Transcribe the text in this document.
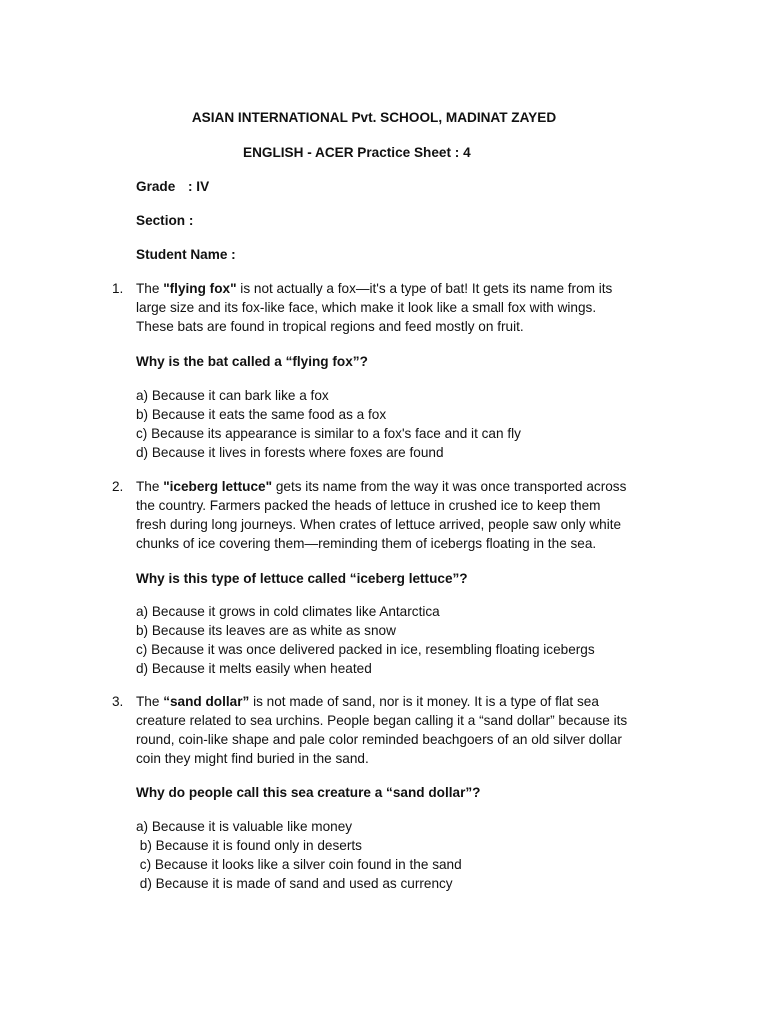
ASIAN INTERNATIONAL Pvt. SCHOOL, MADINAT ZAYED
ENGLISH - ACER Practice Sheet : 4
Grade : IV
Section :
Student Name :
1. The "flying fox" is not actually a fox—it's a type of bat! It gets its name from its
large size and its fox-like face, which make it look like a small fox with wings.
These bats are found in tropical regions and feed mostly on fruit.
Why is the bat called a “flying fox”?
a) Because it can bark like a fox
b) Because it eats the same food as a fox
c) Because its appearance is similar to a fox's face and it can fly
d) Because it lives in forests where foxes are found
2. The "iceberg lettuce" gets its name from the way it was once transported across
the country. Farmers packed the heads of lettuce in crushed ice to keep them
fresh during long journeys. When crates of lettuce arrived, people saw only white
chunks of ice covering them—reminding them of icebergs floating in the sea.
Why is this type of lettuce called “iceberg lettuce”?
a) Because it grows in cold climates like Antarctica
b) Because its leaves are as white as snow
c) Because it was once delivered packed in ice, resembling floating icebergs
d) Because it melts easily when heated
3. The “sand dollar” is not made of sand, nor is it money. It is a type of flat sea
creature related to sea urchins. People began calling it a “sand dollar” because its
round, coin-like shape and pale color reminded beachgoers of an old silver dollar
coin they might find buried in the sand.
Why do people call this sea creature a “sand dollar”?
a) Because it is valuable like money
b) Because it is found only in deserts
c) Because it looks like a silver coin found in the sand
d) Because it is made of sand and used as currency
